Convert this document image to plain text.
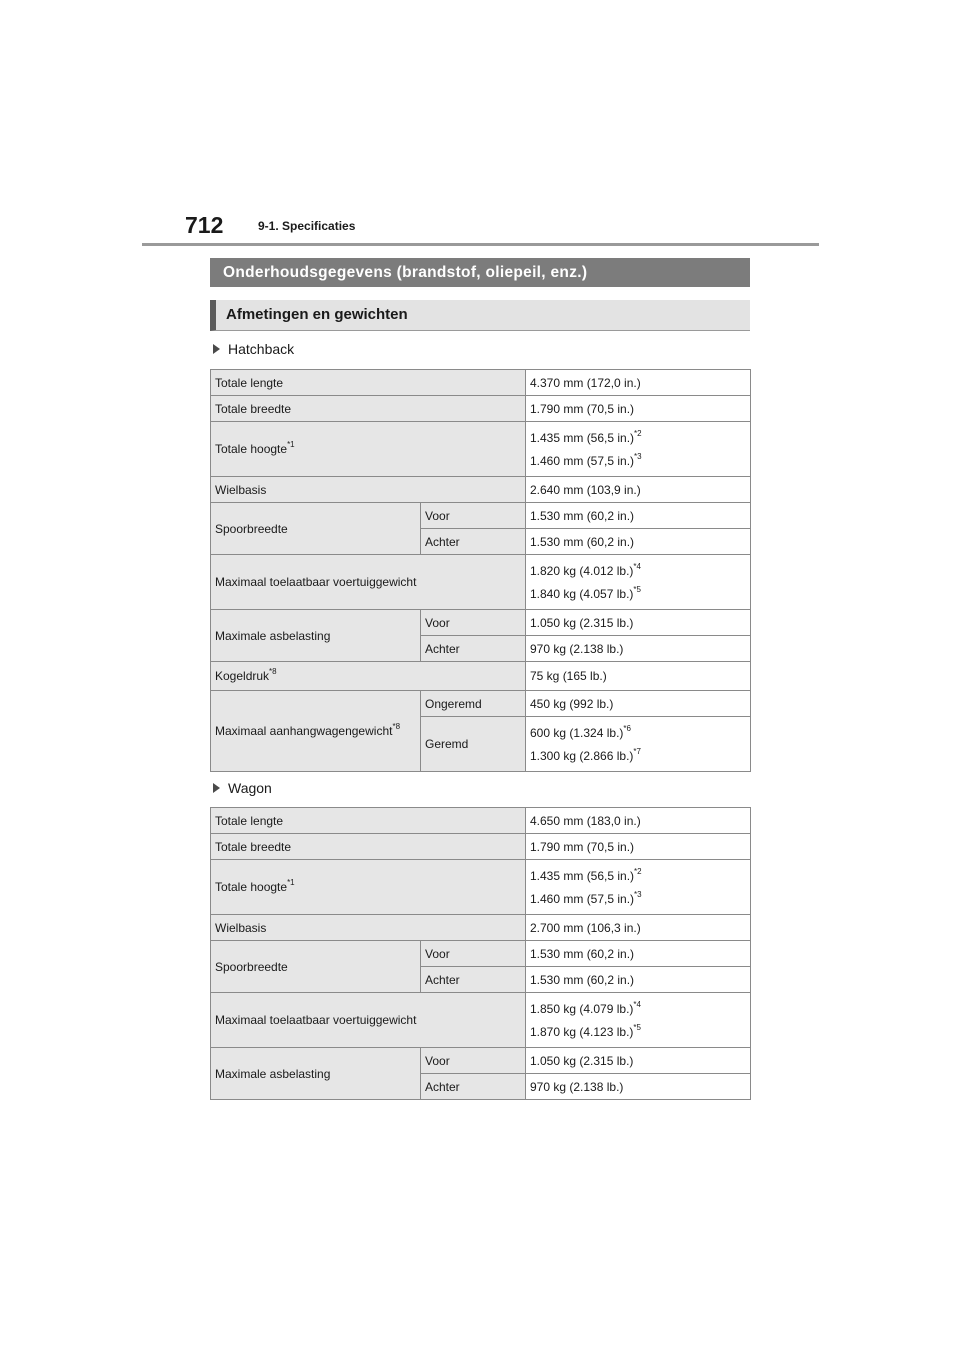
712	9-1. Specificaties
Onderhoudsgegevens (brandstof, oliepeil, enz.)
Afmetingen en gewichten
Hatchback
Totale lengte		4.370 mm (172,0 in.)
Totale breedte		1.790 mm (70,5 in.)
Totale hoogte$^{*1}$		1.435 mm (56,5 in.)$^{*2}$
1.460 mm (57,5 in.)$^{*3}$

Wielbasis		2.640 mm (103,9 in.)
Spoorbreedte	Voor	1.530 mm (60,2 in.)
	Achter	1.530 mm (60,2 in.)
Maximaal toelaatbaar voertuiggewicht		1.820 kg (4.012 lb.)$^{*4}$
1.840 kg (4.057 lb.)$^{*5}$

Maximale asbelasting	Voor	1.050 kg (2.315 lb.)
	Achter	970 kg (2.138 lb.)
Kogeldruk$^{*8}$		75 kg (165 lb.)
Maximaal aanhangwagengewicht$^{*8}$	Ongeremd	450 kg (992 lb.)
	Geremd	600 kg (1.324 lb.)$^{*6}$
1.300 kg (2.866 lb.)$^{*7}$
Wagon
Totale lengte		4.650 mm (183,0 in.)
Totale breedte		1.790 mm (70,5 in.)
Totale hoogte$^{*1}$		1.435 mm (56,5 in.)$^{*2}$
1.460 mm (57,5 in.)$^{*3}$

Wielbasis		2.700 mm (106,3 in.)
Spoorbreedte	Voor	1.530 mm (60,2 in.)
	Achter	1.530 mm (60,2 in.)
Maximaal toelaatbaar voertuiggewicht		1.850 kg (4.079 lb.)$^{*4}$
1.870 kg (4.123 lb.)$^{*5}$

Maximale asbelasting	Voor	1.050 kg (2.315 lb.)
	Achter	970 kg (2.138 lb.)
